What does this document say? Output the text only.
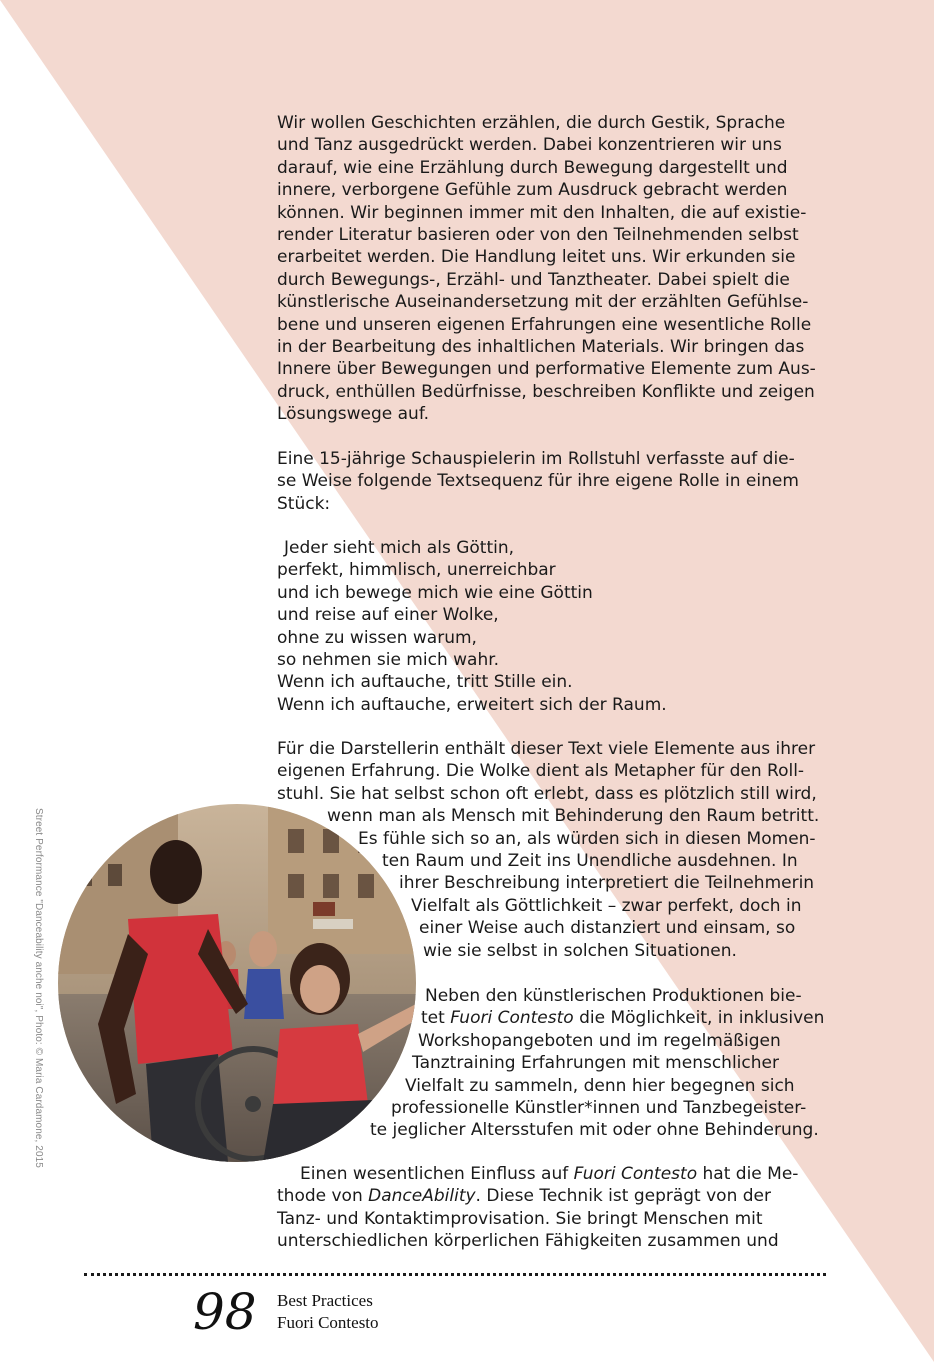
Wir wollen Geschichten erzählen, die durch Gestik, Sprache
und Tanz ausgedrückt werden. Dabei konzentrieren wir uns
darauf, wie eine Erzählung durch Bewegung dargestellt und
innere, verborgene Gefühle zum Ausdruck gebracht werden
können. Wir beginnen immer mit den Inhalten, die auf existie-
render Literatur basieren oder von den Teilnehmenden selbst
erarbeitet werden. Die Handlung leitet uns. Wir erkunden sie
durch Bewegungs-, Erzähl- und Tanztheater. Dabei spielt die
künstlerische Auseinandersetzung mit der erzählten Gefühlse-
bene und unseren eigenen Erfahrungen eine wesentliche Rolle
in der Bearbeitung des inhaltlichen Materials. Wir bringen das
Innere über Bewegungen und performative Elemente zum Aus-
druck, enthüllen Bedürfnisse, beschreiben Konflikte und zeigen
Lösungswege auf.
Eine 15-jährige Schauspielerin im Rollstuhl verfasste auf die-
se Weise folgende Textsequenz für ihre eigene Rolle in einem
Stück:
Jeder sieht mich als Göttin,
perfekt, himmlisch, unerreichbar
und ich bewege mich wie eine Göttin
und reise auf einer Wolke,
ohne zu wissen warum,
so nehmen sie mich wahr.
Wenn ich auftauche, tritt Stille ein.
Wenn ich auftauche, erweitert sich der Raum.
Für die Darstellerin enthält dieser Text viele Elemente aus ihrer
eigenen Erfahrung. Die Wolke dient als Metapher für den Roll-
stuhl. Sie hat selbst schon oft erlebt, dass es plötzlich still wird,
wenn man als Mensch mit Behinderung den Raum betritt.
Es fühle sich so an, als würden sich in diesen Momen-
ten Raum und Zeit ins Unendliche ausdehnen. In
ihrer Beschreibung interpretiert die Teilnehmerin
Vielfalt als Göttlichkeit – zwar perfekt, doch in
einer Weise auch distanziert und einsam, so
wie sie selbst in solchen Situationen.
Neben den künstlerischen Produktionen bie-
tet Fuori Contesto die Möglichkeit, in inklusiven
Workshopangeboten und im regelmäßigen
Tanztraining Erfahrungen mit menschlicher
Vielfalt zu sammeln, denn hier begegnen sich
professionelle Künstler*innen und Tanzbegeister-
te jeglicher Altersstufen mit oder ohne Behinderung.
Einen wesentlichen Einfluss auf Fuori Contesto hat die Me-
thode von DanceAbility. Diese Technik ist geprägt von der
Tanz- und Kontaktimprovisation. Sie bringt Menschen mit
unterschiedlichen körperlichen Fähigkeiten zusammen und
Street Performance "Danceability anche noi", Photo: © Maria Cardamone, 2015
98 Best Practices
Fuori Contesto
